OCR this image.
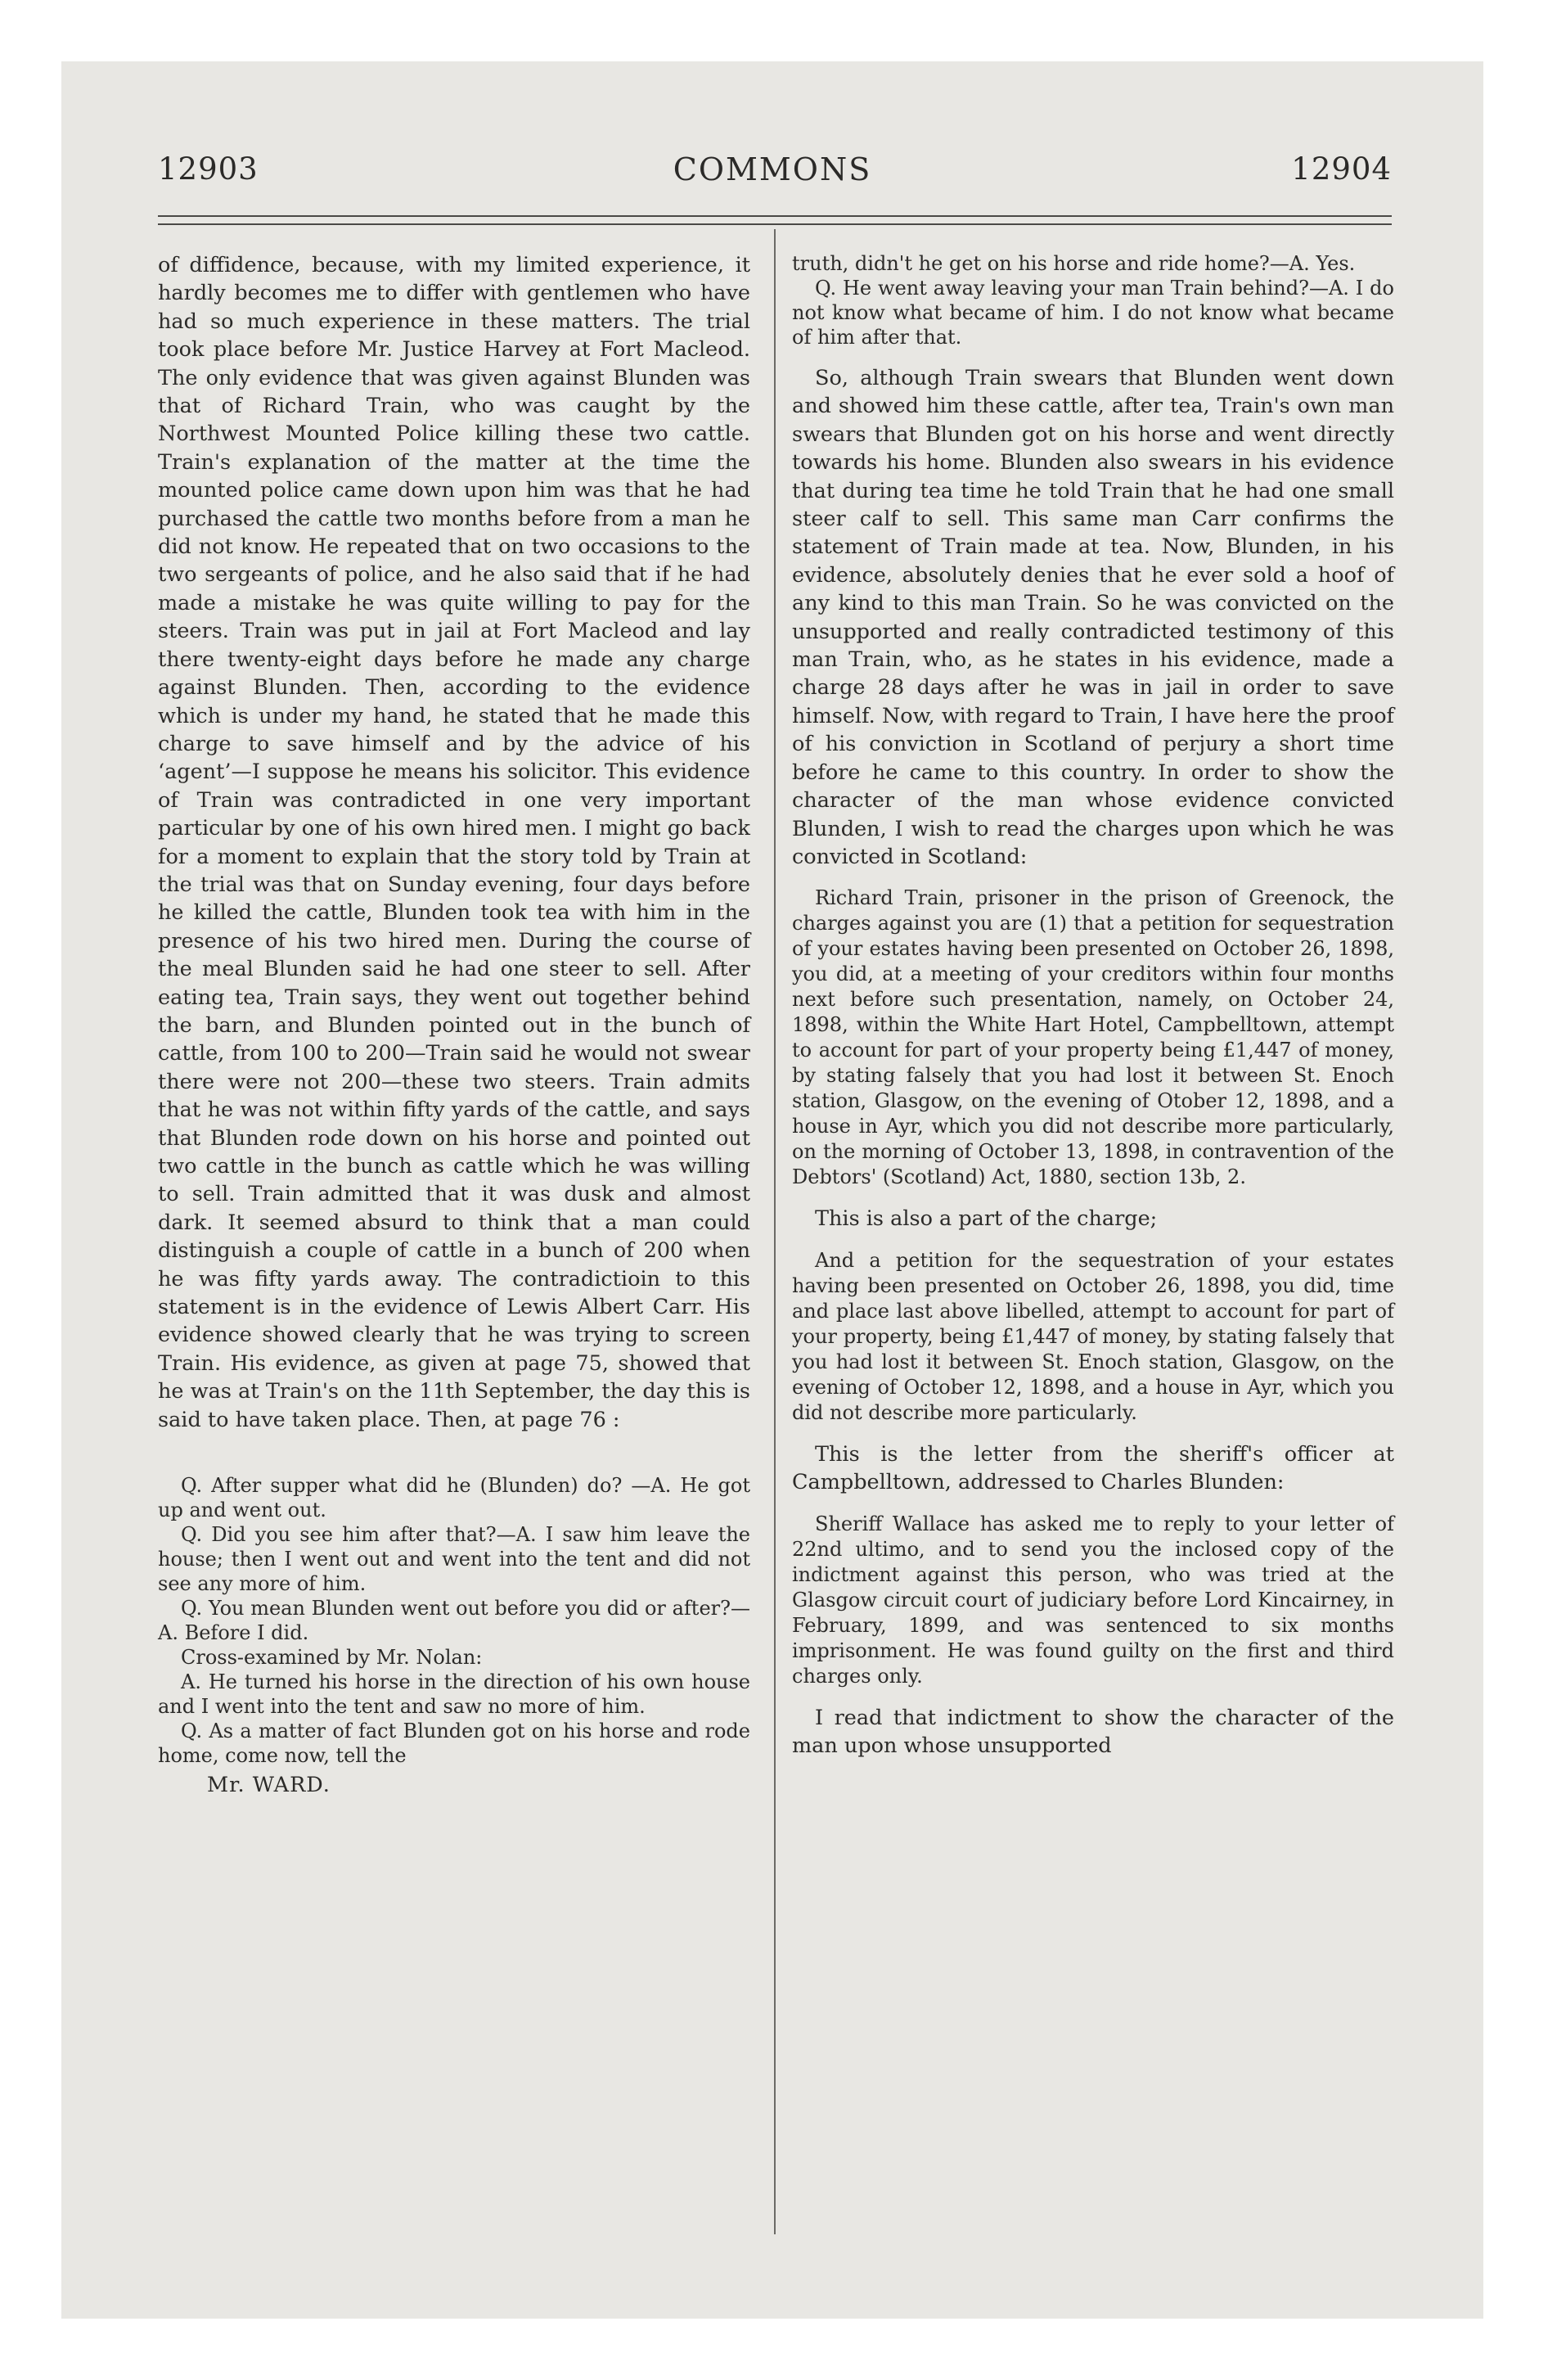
12903	COMMONS	12904

of diffidence, because, with my limited experience, it hardly becomes me to differ with gentlemen who have had so much experience in these matters. The trial took place before Mr. Justice Harvey at Fort Macleod. The only evidence that was given against Blunden was that of Richard Train, who was caught by the Northwest Mounted Police killing these two cattle. Train's explanation of the matter at the time the mounted police came down upon him was that he had purchased the cattle two months before from a man he did not know. He repeated that on two occasions to the two sergeants of police, and he also said that if he had made a mistake he was quite willing to pay for the steers. Train was put in jail at Fort Macleod and lay there twenty-eight days before he made any charge against Blunden. Then, according to the evidence which is under my hand, he stated that he made this charge to save himself and by the advice of his ‘agent’—I suppose he means his solicitor. This evidence of Train was contradicted in one very important particular by one of his own hired men. I might go back for a moment to explain that the story told by Train at the trial was that on Sunday evening, four days before he killed the cattle, Blunden took tea with him in the presence of his two hired men. During the course of the meal Blunden said he had one steer to sell. After eating tea, Train says, they went out together behind the barn, and Blunden pointed out in the bunch of cattle, from 100 to 200—Train said he would not swear there were not 200—these two steers. Train admits that he was not within fifty yards of the cattle, and says that Blunden rode down on his horse and pointed out two cattle in the bunch as cattle which he was willing to sell. Train admitted that it was dusk and almost dark. It seemed absurd to think that a man could distinguish a couple of cattle in a bunch of 200 when he was fifty yards away. The contradictioin to this statement is in the evidence of Lewis Albert Carr. His evidence showed clearly that he was trying to screen Train. His evidence, as given at page 75, showed that he was at Train's on the 11th September, the day this is said to have taken place. Then, at page 76 :

Q. After supper what did he (Blunden) do? —A. He got up and went out.

Q. Did you see him after that?—A. I saw him leave the house; then I went out and went into the tent and did not see any more of him.

Q. You mean Blunden went out before you did or after?—A. Before I did.

Cross-examined by Mr. Nolan:

A. He turned his horse in the direction of his own house and I went into the tent and saw no more of him.

Q. As a matter of fact Blunden got on his horse and rode home, come now, tell the

Mr. WARD.

truth, didn't he get on his horse and ride home?—A. Yes.

Q. He went away leaving your man Train behind?—A. I do not know what became of him. I do not know what became of him after that.

So, although Train swears that Blunden went down and showed him these cattle, after tea, Train's own man swears that Blunden got on his horse and went directly towards his home. Blunden also swears in his evidence that during tea time he told Train that he had one small steer calf to sell. This same man Carr confirms the statement of Train made at tea. Now, Blunden, in his evidence, absolutely denies that he ever sold a hoof of any kind to this man Train. So he was convicted on the unsupported and really contradicted testimony of this man Train, who, as he states in his evidence, made a charge 28 days after he was in jail in order to save himself. Now, with regard to Train, I have here the proof of his conviction in Scotland of perjury a short time before he came to this country. In order to show the character of the man whose evidence convicted Blunden, I wish to read the charges upon which he was convicted in Scotland:

Richard Train, prisoner in the prison of Greenock, the charges against you are (1) that a petition for sequestration of your estates having been presented on October 26, 1898, you did, at a meeting of your creditors within four months next before such presentation, namely, on October 24, 1898, within the White Hart Hotel, Campbelltown, attempt to account for part of your property being £1,447 of money, by stating falsely that you had lost it between St. Enoch station, Glasgow, on the evening of Otober 12, 1898, and a house in Ayr, which you did not describe more particularly, on the morning of October 13, 1898, in contravention of the Debtors' (Scotland) Act, 1880, section 13b, 2.

This is also a part of the charge;

And a petition for the sequestration of your estates having been presented on October 26, 1898, you did, time and place last above libelled, attempt to account for part of your property, being £1,447 of money, by stating falsely that you had lost it between St. Enoch station, Glasgow, on the evening of October 12, 1898, and a house in Ayr, which you did not describe more particularly.

This is the letter from the sheriff's officer at Campbelltown, addressed to Charles Blunden:

Sheriff Wallace has asked me to reply to your letter of 22nd ultimo, and to send you the inclosed copy of the indictment against this person, who was tried at the Glasgow circuit court of judiciary before Lord Kincairney, in February, 1899, and was sentenced to six months imprisonment. He was found guilty on the first and third charges only.

I read that indictment to show the character of the man upon whose unsupported
